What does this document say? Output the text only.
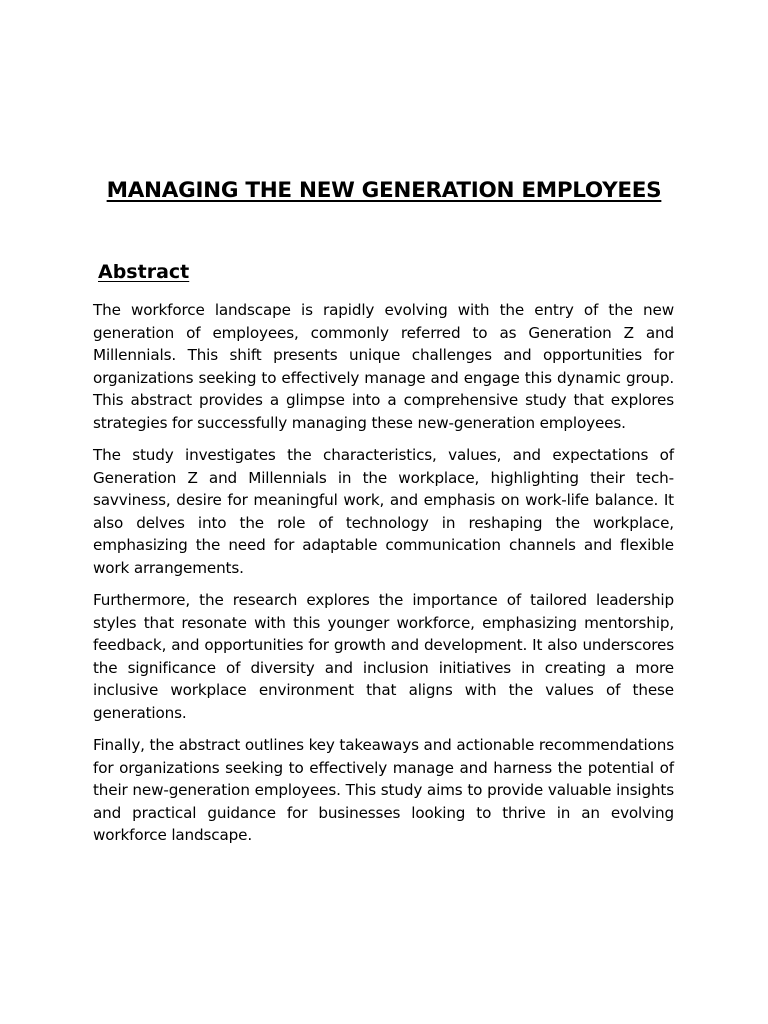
MANAGING THE NEW GENERATION EMPLOYEES
Abstract

The workforce landscape is rapidly evolving with the entry of the new generation of employees, commonly referred to as Generation Z and Millennials. This shift presents unique challenges and opportunities for organizations seeking to effectively manage and engage this dynamic group. This abstract provides a glimpse into a comprehensive study that explores strategies for successfully managing these new-generation employees.

The study investigates the characteristics, values, and expectations of Generation Z and Millennials in the workplace, highlighting their tech-savviness, desire for meaningful work, and emphasis on work-life balance. It also delves into the role of technology in reshaping the workplace, emphasizing the need for adaptable communication channels and flexible work arrangements.

Furthermore, the research explores the importance of tailored leadership styles that resonate with this younger workforce, emphasizing mentorship, feedback, and opportunities for growth and development. It also underscores the significance of diversity and inclusion initiatives in creating a more inclusive workplace environment that aligns with the values of these generations.

Finally, the abstract outlines key takeaways and actionable recommendations for organizations seeking to effectively manage and harness the potential of their new-generation employees. This study aims to provide valuable insights and practical guidance for businesses looking to thrive in an evolving workforce landscape.
